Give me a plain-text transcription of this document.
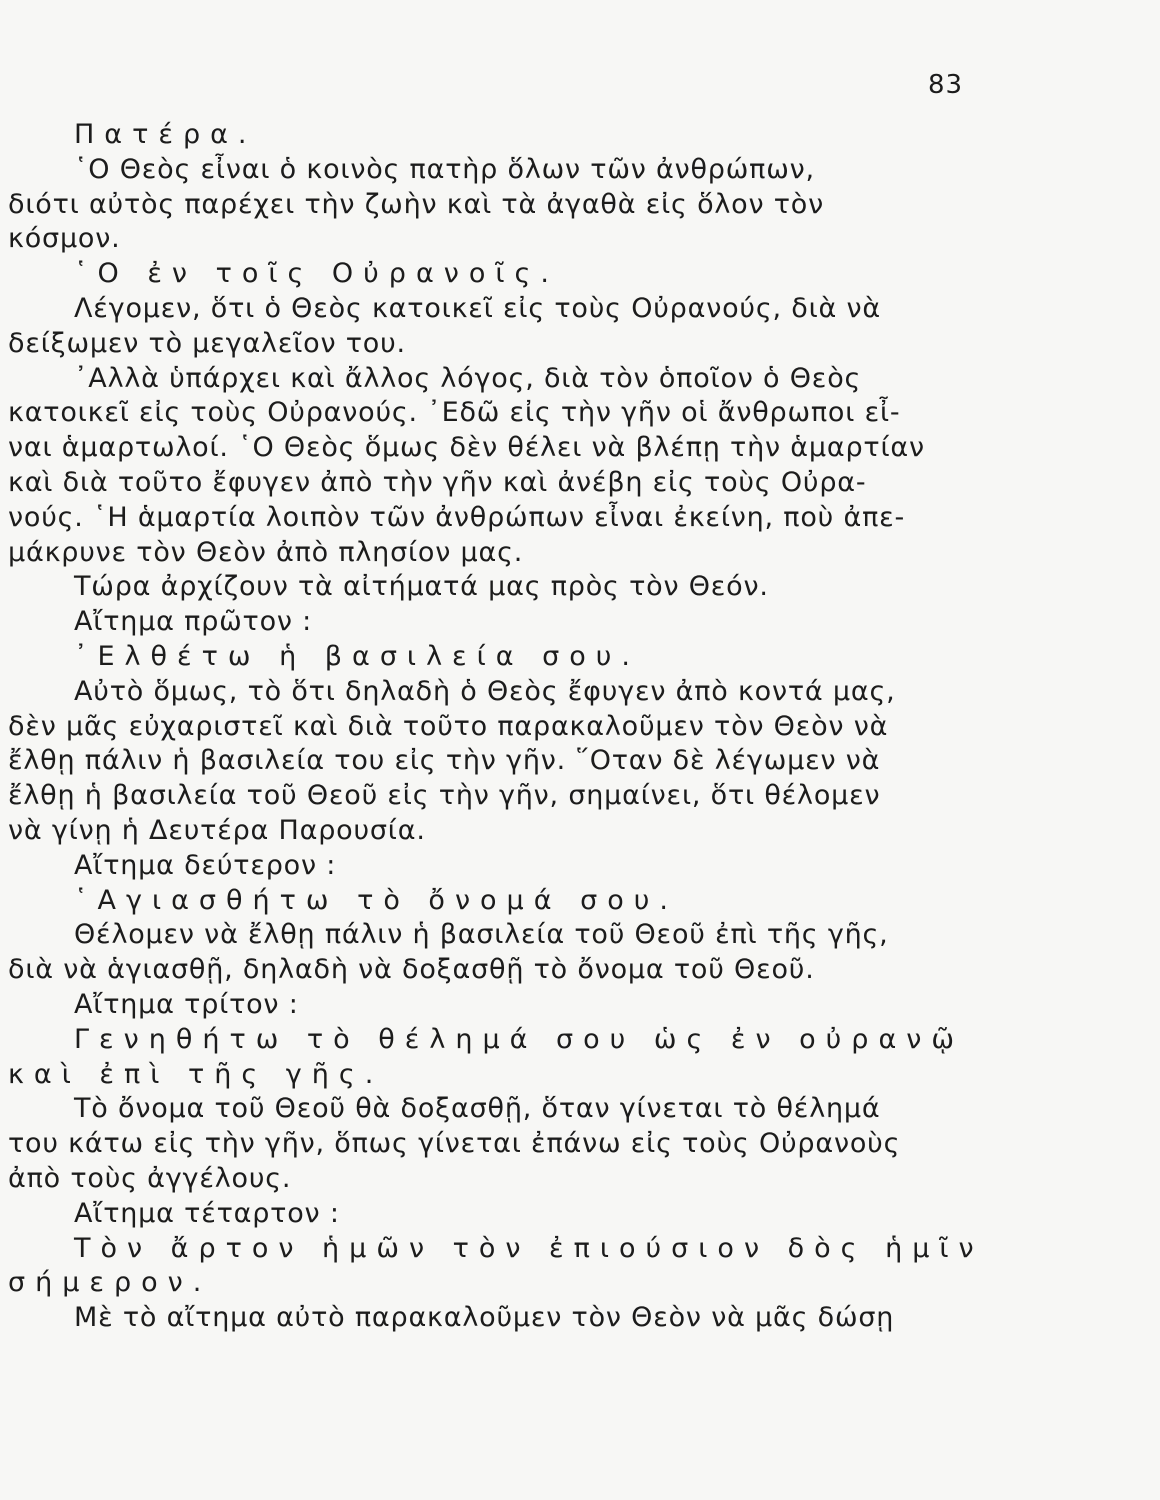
83
Πατέρα.
῾Ο Θεὸς εἶναι ὁ κοινὸς πατὴρ ὅλων τῶν ἀνθρώπων,
διότι αὐτὸς παρέχει τὴν ζωὴν καὶ τὰ ἀγαθὰ εἰς ὅλον τὸν
κόσμον.
῾Ο ἐν τοῖς Οὐρανοῖς.
Λέγομεν, ὅτι ὁ Θεὸς κατοικεῖ εἰς τοὺς Οὐρανούς, διὰ νὰ
δείξωμεν τὸ μεγαλεῖον του.
᾿Αλλὰ ὑπάρχει καὶ ἄλλος λόγος, διὰ τὸν ὁποῖον ὁ Θεὸς
κατοικεῖ εἰς τοὺς Οὐρανούς. ᾿Εδῶ εἰς τὴν γῆν οἱ ἄνθρωποι εἶ-
ναι ἁμαρτωλοί. ῾Ο Θεὸς ὅμως δὲν θέλει νὰ βλέπῃ τὴν ἁμαρτίαν
καὶ διὰ τοῦτο ἔφυγεν ἀπὸ τὴν γῆν καὶ ἀνέβη εἰς τοὺς Οὐρα-
νούς. ῾Η ἁμαρτία λοιπὸν τῶν ἀνθρώπων εἶναι ἐκείνη, ποὺ ἀπε-
μάκρυνε τὸν Θεὸν ἀπὸ πλησίον μας.
Τώρα ἀρχίζουν τὰ αἰτήματά μας πρὸς τὸν Θεόν.
Αἴτημα πρῶτον :
᾿Ελθέτω ἡ βασιλεία σου.
Αὐτὸ ὅμως, τὸ ὅτι δηλαδὴ ὁ Θεὸς ἔφυγεν ἀπὸ κοντά μας,
δὲν μᾶς εὐχαριστεῖ καὶ διὰ τοῦτο παρακαλοῦμεν τὸν Θεὸν νὰ
ἔλθῃ πάλιν ἡ βασιλεία του εἰς τὴν γῆν. ῞Οταν δὲ λέγωμεν νὰ
ἔλθῃ ἡ βασιλεία τοῦ Θεοῦ εἰς τὴν γῆν, σημαίνει, ὅτι θέλομεν
νὰ γίνῃ ἡ Δευτέρα Παρουσία.
Αἴτημα δεύτερον :
῾Αγιασθήτω τὸ ὄνομά σου.
Θέλομεν νὰ ἔλθῃ πάλιν ἡ βασιλεία τοῦ Θεοῦ ἐπὶ τῆς γῆς,
διὰ νὰ ἁγιασθῇ, δηλαδὴ νὰ δοξασθῇ τὸ ὄνομα τοῦ Θεοῦ.
Αἴτημα τρίτον :
Γενηθήτω τὸ θέλημά σου ὡς ἐν οὐρανῷ
καὶ ἐπὶ τῆς γῆς.
Τὸ ὄνομα τοῦ Θεοῦ θὰ δοξασθῇ, ὅταν γίνεται τὸ θέλημά
του κάτω εἰς τὴν γῆν, ὅπως γίνεται ἐπάνω εἰς τοὺς Οὐρανοὺς
ἀπὸ τοὺς ἀγγέλους.
Αἴτημα τέταρτον :
Τὸν ἄρτον ἡμῶν τὸν ἐπιούσιον δὸς ἡμῖν
σήμερον.
Μὲ τὸ αἴτημα αὐτὸ παρακαλοῦμεν τὸν Θεὸν νὰ μᾶς δώσῃ
